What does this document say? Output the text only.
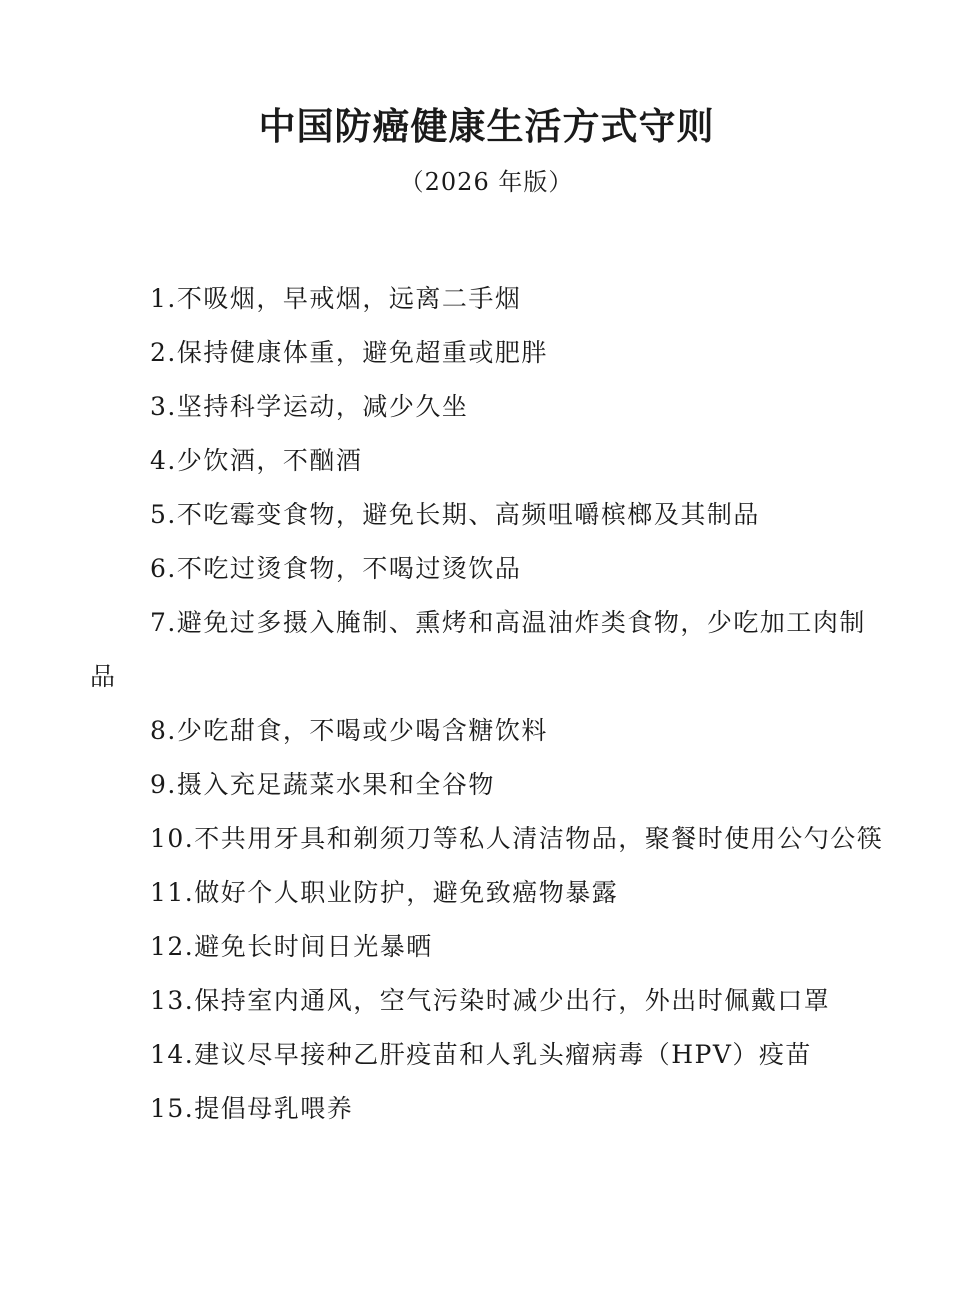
中国防癌健康生活方式守则
（2026 年版）
1.不吸烟，早戒烟，远离二手烟
2.保持健康体重，避免超重或肥胖
3.坚持科学运动，减少久坐
4.少饮酒，不酗酒
5.不吃霉变食物，避免长期、高频咀嚼槟榔及其制品
6.不吃过烫食物，不喝过烫饮品
7.避免过多摄入腌制、熏烤和高温油炸类食物，少吃加工肉制品
8.少吃甜食，不喝或少喝含糖饮料
9.摄入充足蔬菜水果和全谷物
10.不共用牙具和剃须刀等私人清洁物品，聚餐时使用公勺公筷
11.做好个人职业防护，避免致癌物暴露
12.避免长时间日光暴晒
13.保持室内通风，空气污染时减少出行，外出时佩戴口罩
14.建议尽早接种乙肝疫苗和人乳头瘤病毒（HPV）疫苗
15.提倡母乳喂养
